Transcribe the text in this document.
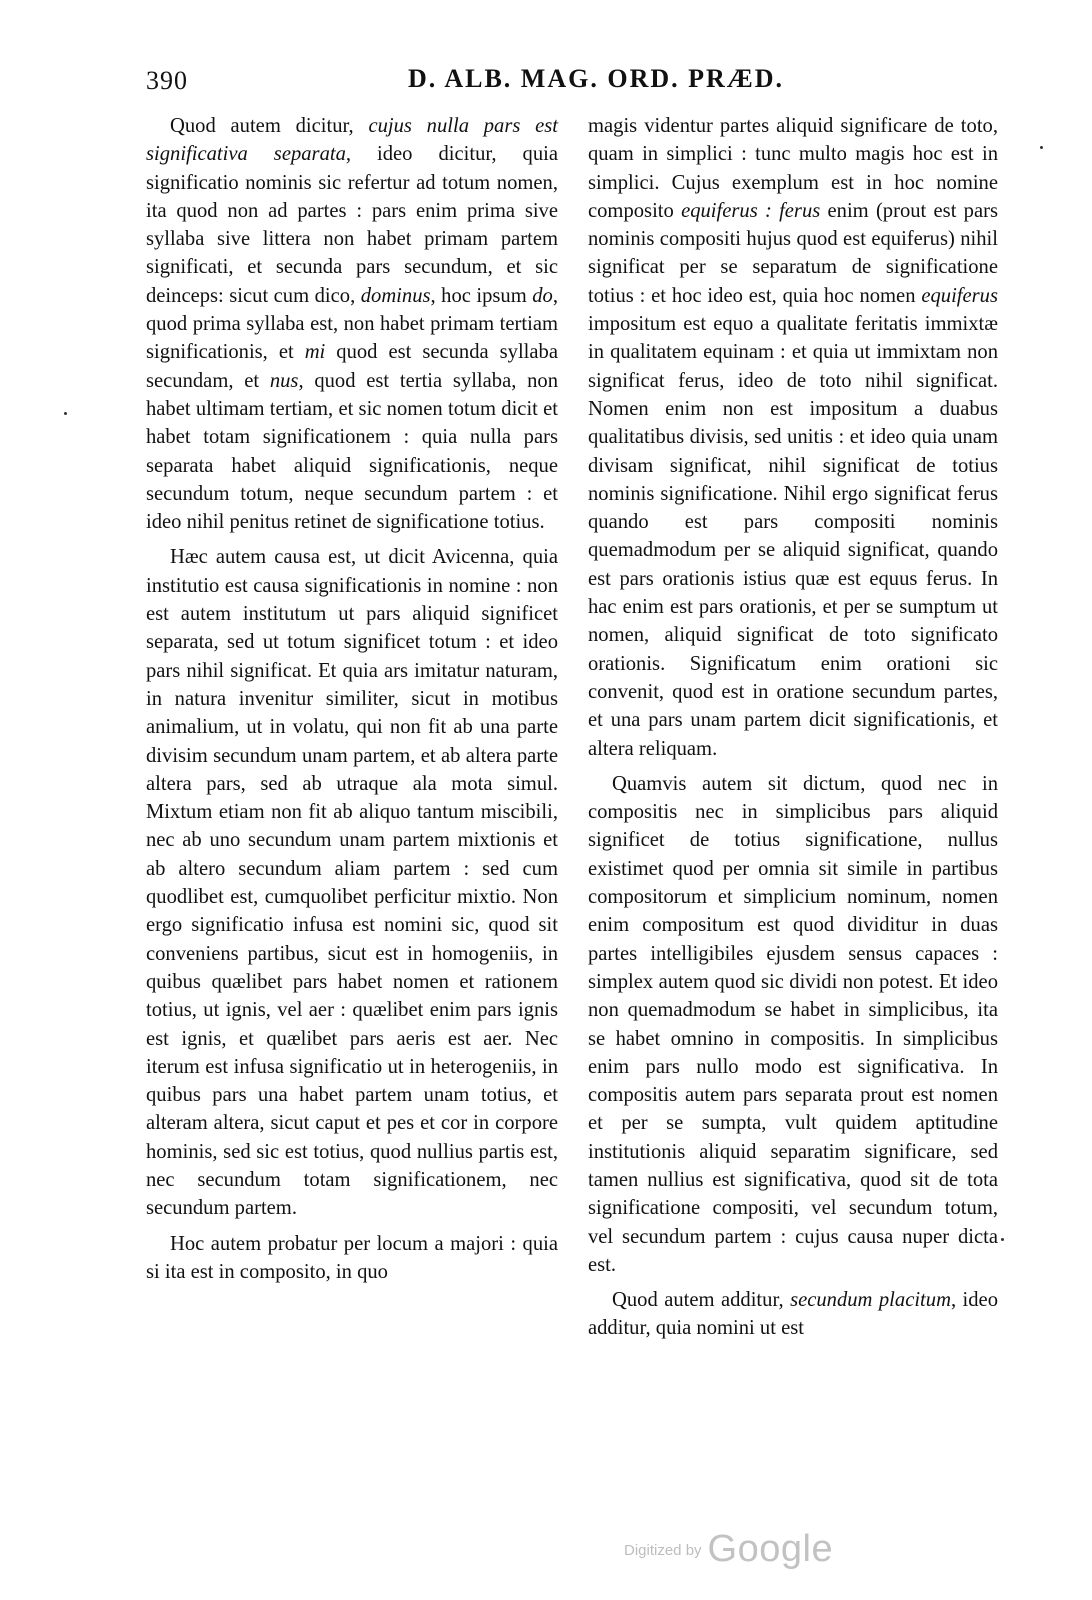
390	D. ALB. MAG. ORD. PRÆD.

Quod autem dicitur, cujus nulla pars est significativa separata, ideo dicitur, quia significatio nominis sic refertur ad totum nomen, ita quod non ad partes : pars enim prima sive syllaba sive littera non habet primam partem significati, et secunda pars secundum, et sic deinceps: sicut cum dico, dominus, hoc ipsum do, quod prima syllaba est, non habet primam tertiam significationis, et mi quod est secunda syllaba secundam, et nus, quod est tertia syllaba, non habet ultimam tertiam, et sic nomen totum dicit et habet totam significationem : quia nulla pars separata habet aliquid significationis, neque secundum totum, neque secundum partem : et ideo nihil penitus retinet de significatione totius.

Hæc autem causa est, ut dicit Avicenna, quia institutio est causa significationis in nomine : non est autem institutum ut pars aliquid significet separata, sed ut totum significet totum : et ideo pars nihil significat. Et quia ars imitatur naturam, in natura invenitur similiter, sicut in motibus animalium, ut in volatu, qui non fit ab una parte divisim secundum unam partem, et ab altera parte altera pars, sed ab utraque ala mota simul. Mixtum etiam non fit ab aliquo tantum miscibili, nec ab uno secundum unam partem mixtionis et ab altero secundum aliam partem : sed cum quodlibet est, cumquolibet perficitur mixtio. Non ergo significatio infusa est nomini sic, quod sit conveniens partibus, sicut est in homogeniis, in quibus quælibet pars habet nomen et rationem totius, ut ignis, vel aer : quælibet enim pars ignis est ignis, et quælibet pars aeris est aer. Nec iterum est infusa significatio ut in heterogeniis, in quibus pars una habet partem unam totius, et alteram altera, sicut caput et pes et cor in corpore hominis, sed sic est totius, quod nullius partis est, nec secundum totam significationem, nec secundum partem.

Hoc autem probatur per locum a majori : quia si ita est in composito, in quo

magis videntur partes aliquid significare de toto, quam in simplici : tunc multo magis hoc est in simplici. Cujus exemplum est in hoc nomine composito equiferus : ferus enim (prout est pars nominis compositi hujus quod est equiferus) nihil significat per se separatum de significatione totius : et hoc ideo est, quia hoc nomen equiferus impositum est equo a qualitate feritatis immixtæ in qualitatem equinam : et quia ut immixtam non significat ferus, ideo de toto nihil significat. Nomen enim non est impositum a duabus qualitatibus divisis, sed unitis : et ideo quia unam divisam significat, nihil significat de totius nominis significatione. Nihil ergo significat ferus quando est pars compositi nominis quemadmodum per se aliquid significat, quando est pars orationis istius quæ est equus ferus. In hac enim est pars orationis, et per se sumptum ut nomen, aliquid significat de toto significato orationis. Significatum enim orationi sic convenit, quod est in oratione secundum partes, et una pars unam partem dicit significationis, et altera reliquam.

Quamvis autem sit dictum, quod nec in compositis nec in simplicibus pars aliquid significet de totius significatione, nullus existimet quod per omnia sit simile in partibus compositorum et simplicium nominum, nomen enim compositum est quod dividitur in duas partes intelligibiles ejusdem sensus capaces : simplex autem quod sic dividi non potest. Et ideo non quemadmodum se habet in simplicibus, ita se habet omnino in compositis. In simplicibus enim pars nullo modo est significativa. In compositis autem pars separata prout est nomen et per se sumpta, vult quidem aptitudine institutionis aliquid separatim significare, sed tamen nullius est significativa, quod sit de tota significatione compositi, vel secundum totum, vel secundum partem : cujus causa nuper dicta est.

Quod autem additur, secundum placitum, ideo additur, quia nomini ut est

Digitized by Google
